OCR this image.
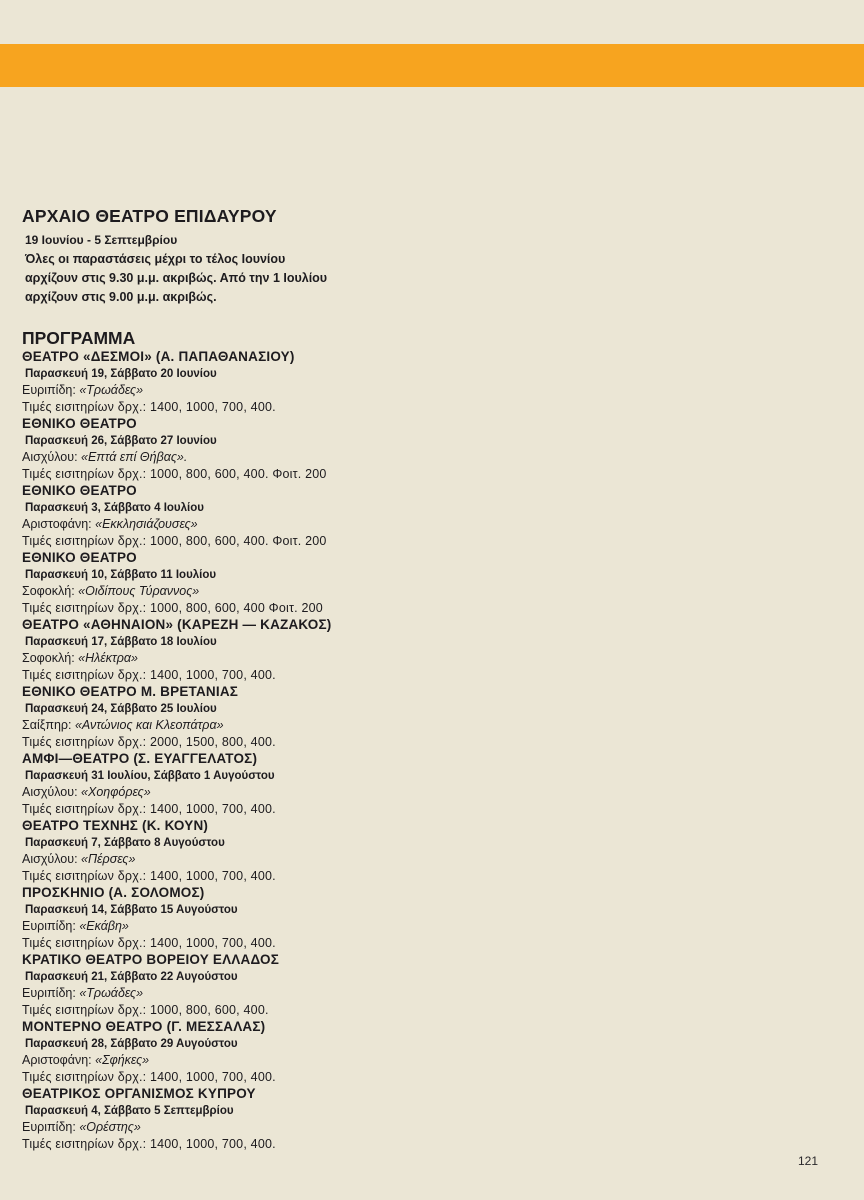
ΑΡΧΑΙΟ ΘΕΑΤΡΟ ΕΠΙΔΑΥΡΟΥ
19 Ιουνίου - 5 Σεπτεμβρίου
Όλες οι παραστάσεις μέχρι το τέλος Ιουνίου
αρχίζουν στις 9.30 μ.μ. ακριβώς. Από την 1 Ιουλίου
αρχίζουν στις 9.00 μ.μ. ακριβώς.
ΠΡΟΓΡΑΜΜΑ
ΘΕΑΤΡΟ «ΔΕΣΜΟΙ» (Α. ΠΑΠΑΘΑΝΑΣΙΟΥ)
Παρασκευή 19, Σάββατο 20 Ιουνίου
Ευριπίδη: «Τρωάδες»
Τιμές εισιτηρίων δρχ.: 1400, 1000, 700, 400.
ΕΘΝΙΚΟ ΘΕΑΤΡΟ
Παρασκευή 26, Σάββατο 27 Ιουνίου
Αισχύλου: «Επτά επί Θήβας».
Τιμές εισιτηρίων δρχ.: 1000, 800, 600, 400. Φοιτ. 200
ΕΘΝΙΚΟ ΘΕΑΤΡΟ
Παρασκευή 3, Σάββατο 4 Ιουλίου
Αριστοφάνη: «Εκκλησιάζουσες»
Τιμές εισιτηρίων δρχ.: 1000, 800, 600, 400. Φοιτ. 200
ΕΘΝΙΚΟ ΘΕΑΤΡΟ
Παρασκευή 10, Σάββατο 11 Ιουλίου
Σοφοκλή: «Οιδίπους Τύραννος»
Τιμές εισιτηρίων δρχ.: 1000, 800, 600, 400 Φοιτ. 200
ΘΕΑΤΡΟ «ΑΘΗΝΑΙΟΝ» (ΚΑΡΕΖΗ — ΚΑΖΑΚΟΣ)
Παρασκευή 17, Σάββατο 18 Ιουλίου
Σοφοκλή: «Ηλέκτρα»
Τιμές εισιτηρίων δρχ.: 1400, 1000, 700, 400.
ΕΘΝΙΚΟ ΘΕΑΤΡΟ Μ. ΒΡΕΤΑΝΙΑΣ
Παρασκευή 24, Σάββατο 25 Ιουλίου
Σαίξπηρ: «Αντώνιος και Κλεοπάτρα»
Τιμές εισιτηρίων δρχ.: 2000, 1500, 800, 400.
ΑΜΦΙ—ΘΕΑΤΡΟ (Σ. ΕΥΑΓΓΕΛΑΤΟΣ)
Παρασκευή 31 Ιουλίου, Σάββατο 1 Αυγούστου
Αισχύλου: «Χοηφόρες»
Τιμές εισιτηρίων δρχ.: 1400, 1000, 700, 400.
ΘΕΑΤΡΟ ΤΕΧΝΗΣ (Κ. ΚΟΥΝ)
Παρασκευή 7, Σάββατο 8 Αυγούστου
Αισχύλου: «Πέρσες»
Τιμές εισιτηρίων δρχ.: 1400, 1000, 700, 400.
ΠΡΟΣΚΗΝΙΟ (Α. ΣΟΛΟΜΟΣ)
Παρασκευή 14, Σάββατο 15 Αυγούστου
Ευριπίδη: «Εκάβη»
Τιμές εισιτηρίων δρχ.: 1400, 1000, 700, 400.
ΚΡΑΤΙΚΟ ΘΕΑΤΡΟ ΒΟΡΕΙΟΥ ΕΛΛΑΔΟΣ
Παρασκευή 21, Σάββατο 22 Αυγούστου
Ευριπίδη: «Τρωάδες»
Τιμές εισιτηρίων δρχ.: 1000, 800, 600, 400.
ΜΟΝΤΕΡΝΟ ΘΕΑΤΡΟ (Γ. ΜΕΣΣΑΛΑΣ)
Παρασκευή 28, Σάββατο 29 Αυγούστου
Αριστοφάνη: «Σφήκες»
Τιμές εισιτηρίων δρχ.: 1400, 1000, 700, 400.
ΘΕΑΤΡΙΚΟΣ ΟΡΓΑΝΙΣΜΟΣ ΚΥΠΡΟΥ
Παρασκευή 4, Σάββατο 5 Σεπτεμβρίου
Ευριπίδη: «Ορέστης»
Τιμές εισιτηρίων δρχ.: 1400, 1000, 700, 400.
121
